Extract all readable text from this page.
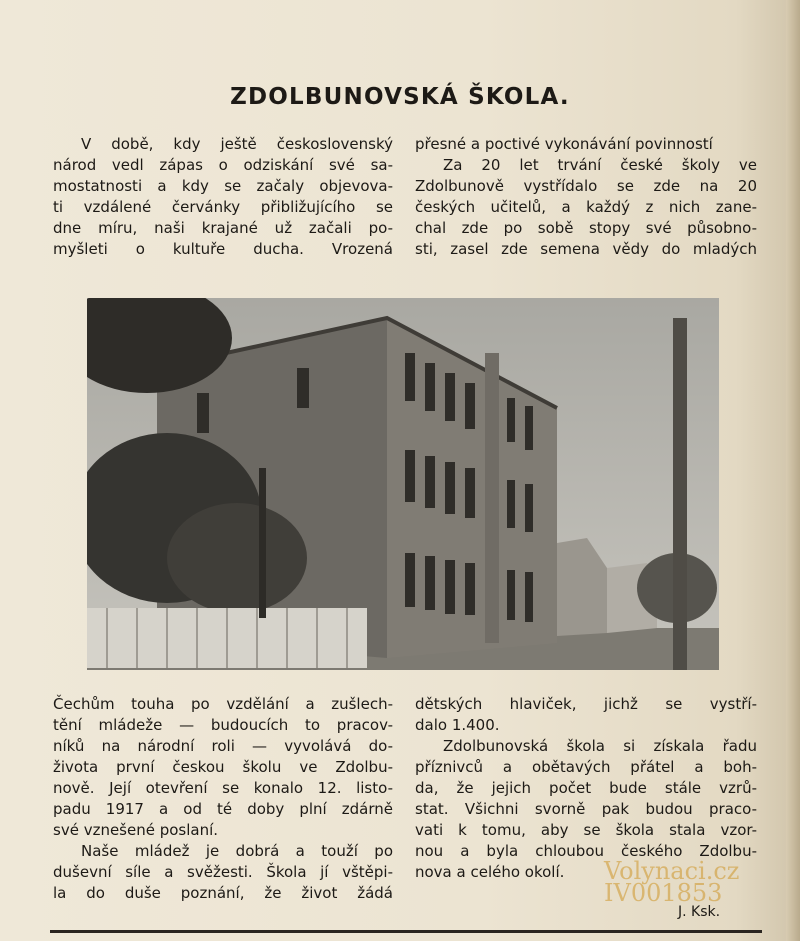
ZDOLBUNOVSKÁ ŠKOLA.
V době, kdy ještě československý
národ vedl zápas o odziskání své sa-
mostatnosti a kdy se začaly objevova-
ti vzdálené červánky přibližujícího se
dne míru, naši krajané už začali po-
myšleti o kultuře ducha. Vrozená
přesné a poctivé vykonávání povinností
Za 20 let trvání české školy ve
Zdolbunově vystřídalo se zde na 20
českých učitelů, a každý z nich zane-
chal zde po sobě stopy své působno-
sti, zasel zde semena vědy do mladých
Čechům touha po vzdělání a zušlech-
tění mládeže — budoucích to pracov-
níků na národní roli — vyvolává do-
života první českou školu ve Zdolbu-
nově. Její otevření se konalo 12. listo-
padu 1917 a od té doby plní zdárně
své vznešené poslaní.
Naše mládež je dobrá a touží po
duševní síle a svěžesti. Škola jí vštěpi-
la do duše poznání, že život žádá
dětských hlaviček, jichž se vystří-
dalo 1.400.
Zdolbunovská škola si získala řadu
příznivců a obětavých přátel a boh-
da, že jejich počet bude stále vzrů-
stat. Všichni svorně pak budou praco-
vati k tomu, aby se škola stala vzor-
nou a byla chloubou českého Zdolbu-
nova a celého okolí.	Volynaci.cz
IV001853
J. Ksk.
